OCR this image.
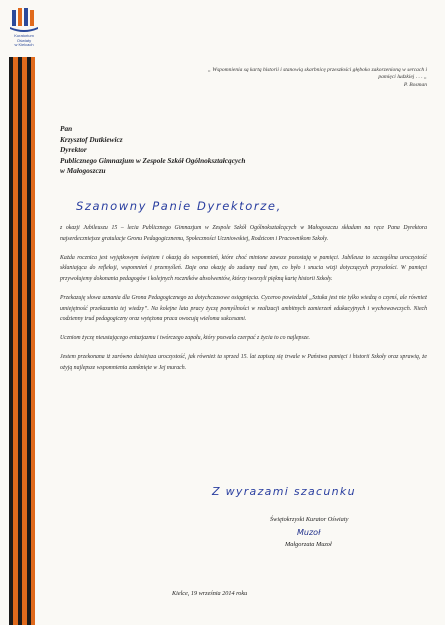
Kuratorium Oświaty
w Kielcach
„ Wspomnienia są kartą historii i stanowią skarbnicę przeszłości głęboko zakorzenioną w sercach i pamięci ludzkiej . . . „
P. Bosman
Pan
Krzysztof Dutkiewicz
Dyrektor
Publicznego Gimnazjum w Zespole Szkół Ogólnokształcących
w Małogoszczu
Szanowny Panie Dyrektorze,

z okazji Jubileuszu 15 – lecia Publicznego Gimnazjum w Zespole Szkół Ogólnokształcących w Małogoszczu składam na ręce Pana Dyrektora najserdeczniejsze gratulacje Gronu Pedagogicznemu, Społeczności Uczniowskiej, Rodzicom i Pracownikom Szkoły.

Każda rocznica jest wyjątkowym świętem i okazją do wspomnień, które choć minione zawsze pozostają w pamięci. Jubileusz to szczególna uroczystość skłaniająca do refleksji, wspomnień i przemyśleń. Daje ona okazję do zadumy nad tym, co było i snucia wizji dotyczących przyszłości. W pamięci przywołujemy dokonania pedagogów i kolejnych roczników absolwentów, którzy tworzyli piękną kartę historii Szkoły.

Przekazuję słowa uznania dla Grona Pedagogicznego za dotychczasowe osiągnięcia. Cyceroo powiedział „Sztuka jest nie tylko wiedzą o czymś, ale również umiejętność przekazania tej wiedzy”. Na kolejne lata pracy życzę pomyślności w realizacji ambitnych zamierzeń edukacyjnych i wychowawczych. Niech codzienny trud pedagogiczny oraz wytężona praca owocują wieloma sukcesami.

Uczniom życzę nieustającego entuzjazmu i twórczego zapału, który pozwala czerpać z życia to co najlepsze.

Jestem przekonana iż zarówno dzisiejsza uroczystość, jak również ta sprzed 15. lat zapiszą się trwale w Państwa pamięci i historii Szkoły oraz sprawią, że ożyją najlepsze wspomnienia zamknięte w Jej murach.

Z wyrazami szacunku
Świętokrzyski Kurator Oświaty
Muzoł
Małgorzata Muzoł
Kielce, 19 września 2014 roku
